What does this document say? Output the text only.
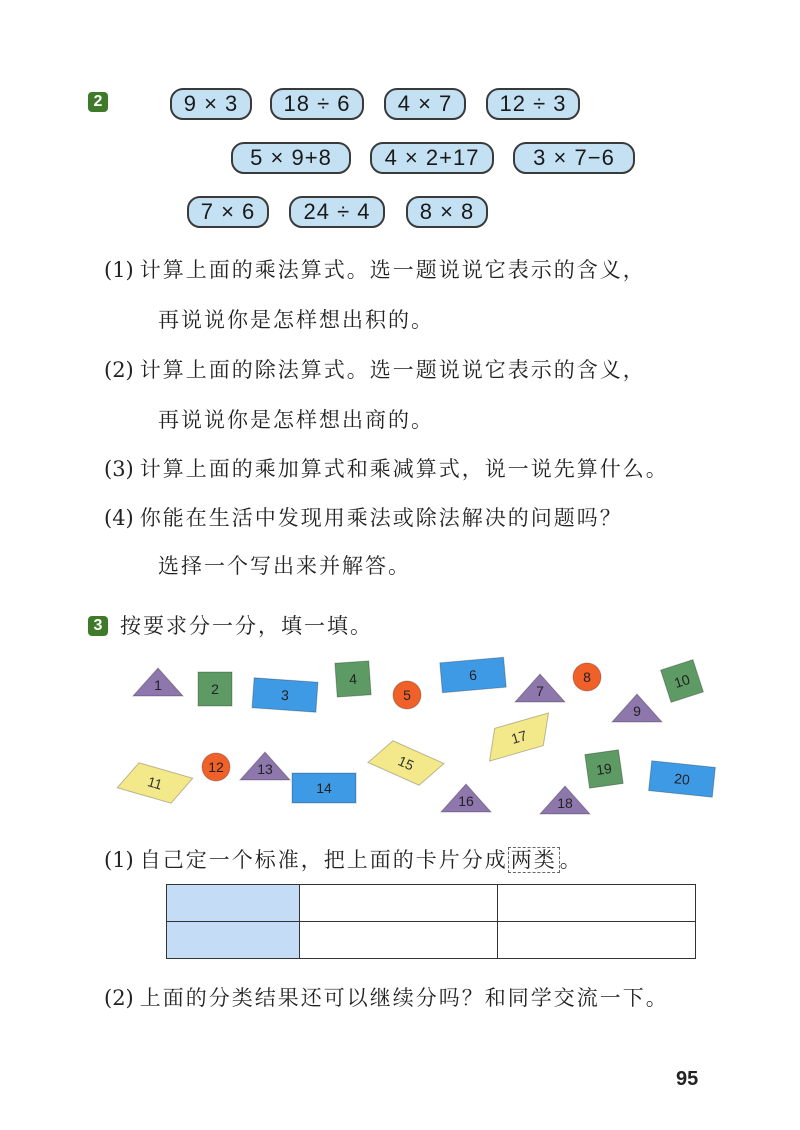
2	9 × 3	18 ÷ 6	4 × 7	12 ÷ 3
5 × 9+8	4 × 2+17	3 × 7−6
7 × 6	24 ÷ 4	8 × 8
(1) 计算上面的乘法算式。选一题说说它表示的含义，
再说说你是怎样想出积的。
(2) 计算上面的除法算式。选一题说说它表示的含义，
再说说你是怎样想出商的。
(3) 计算上面的乘加算式和乘减算式，说一说先算什么。
(4) 你能在生活中发现用乘法或除法解决的问题吗？
选择一个写出来并解答。
3 按要求分一分，填一填。
1	2	3
4
5
6
7
8
9
10
11
12 13
14
15
16
17
18
19
20
(1) 自己定一个标准，把上面的卡片分成 两类 。

(2) 上面的分类结果还可以继续分吗？和同学交流一下。
95
